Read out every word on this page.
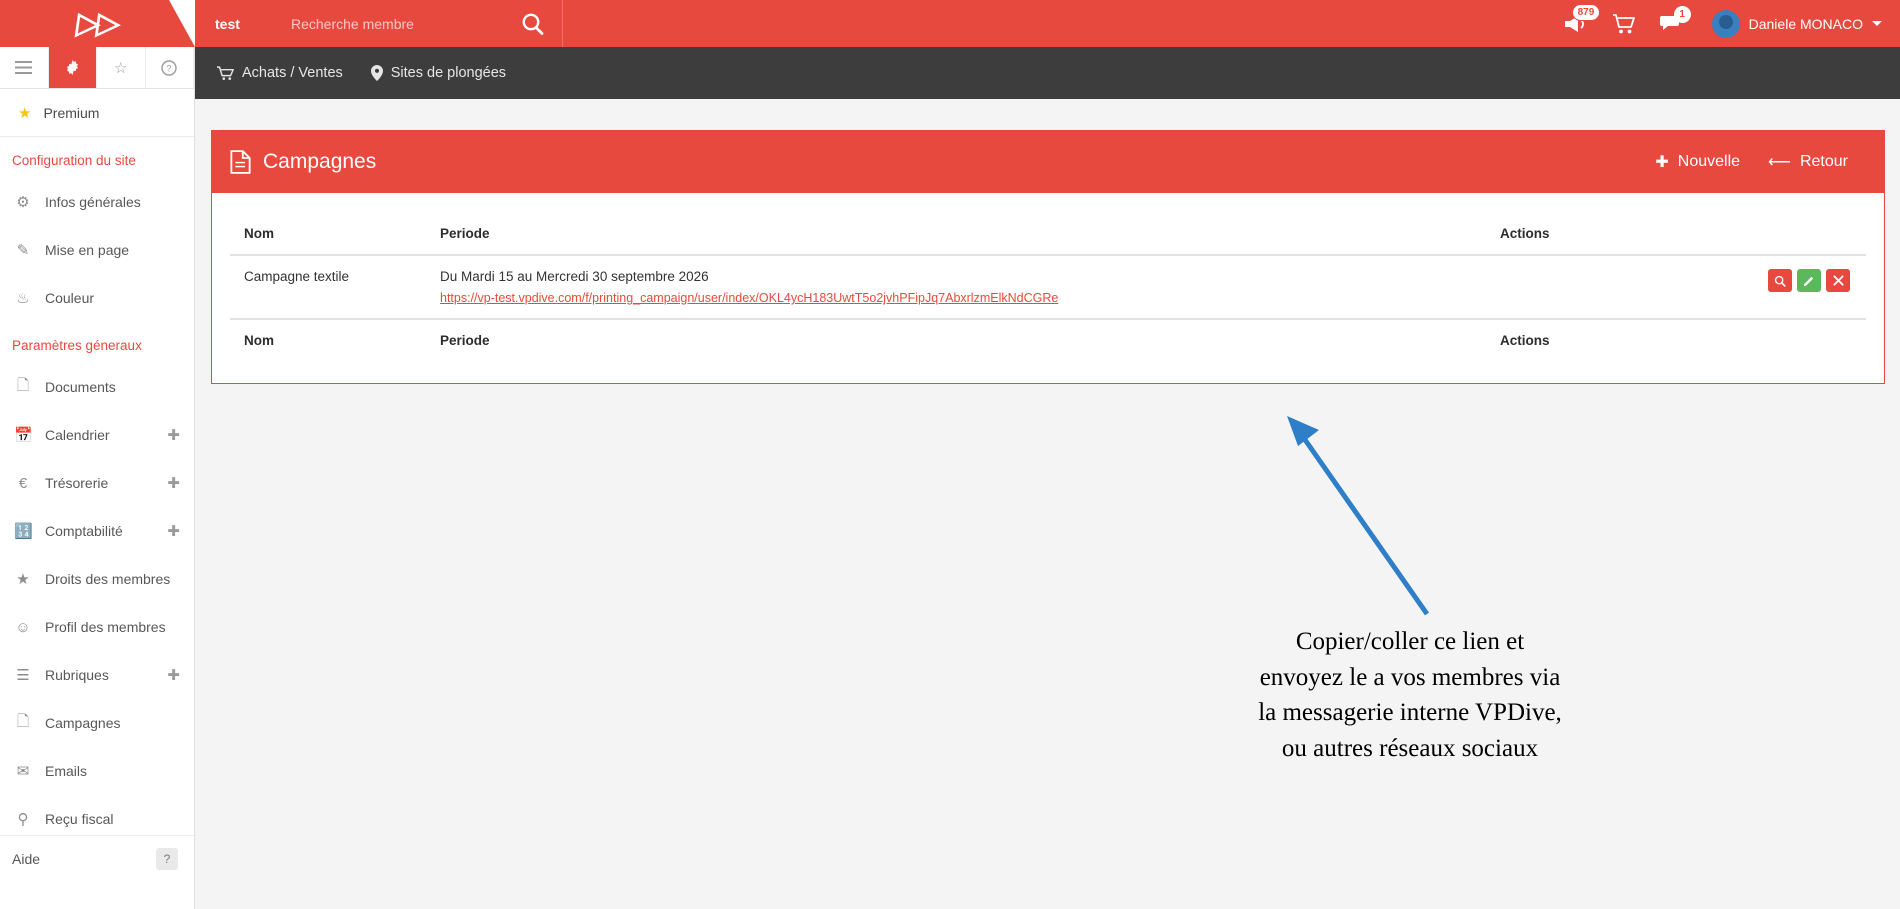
▷▷	test
Recherche membre
879	1
Daniele MONACO
☆	?
★ Premium
Configuration du site
⚙ Infos générales
✎ Mise en page
♨ Couleur
Paramètres géneraux
🗋 Documents
📅 Calendrier	✚
€	Trésorerie	✚
🔢 Comptabilité	✚
★ Droits des membres
☺ Profil des membres
☰ Rubriques	✚
🗋 Campagnes
✉ Emails
⚲ Reçu fiscal
Aide	?
Achats / Ventes	Sites de plongées
Campagnes	✚ Nouvelle ⟵ Retour
Nom	Periode	Actions
Campagne textile	Du Mardi 15 au Mercredi 30 septembre 2026
https://vp-test.vpdive.com/f/printing_campaign/user/index/OKL4ycH183UwtT5o2jvhPFipJq7AbxrlzmElkNdCGRe	

Nom	Periode	Actions
Copier/coller ce lien et
envoyez le a vos membres via
la messagerie interne VPDive,
ou autres réseaux sociaux
